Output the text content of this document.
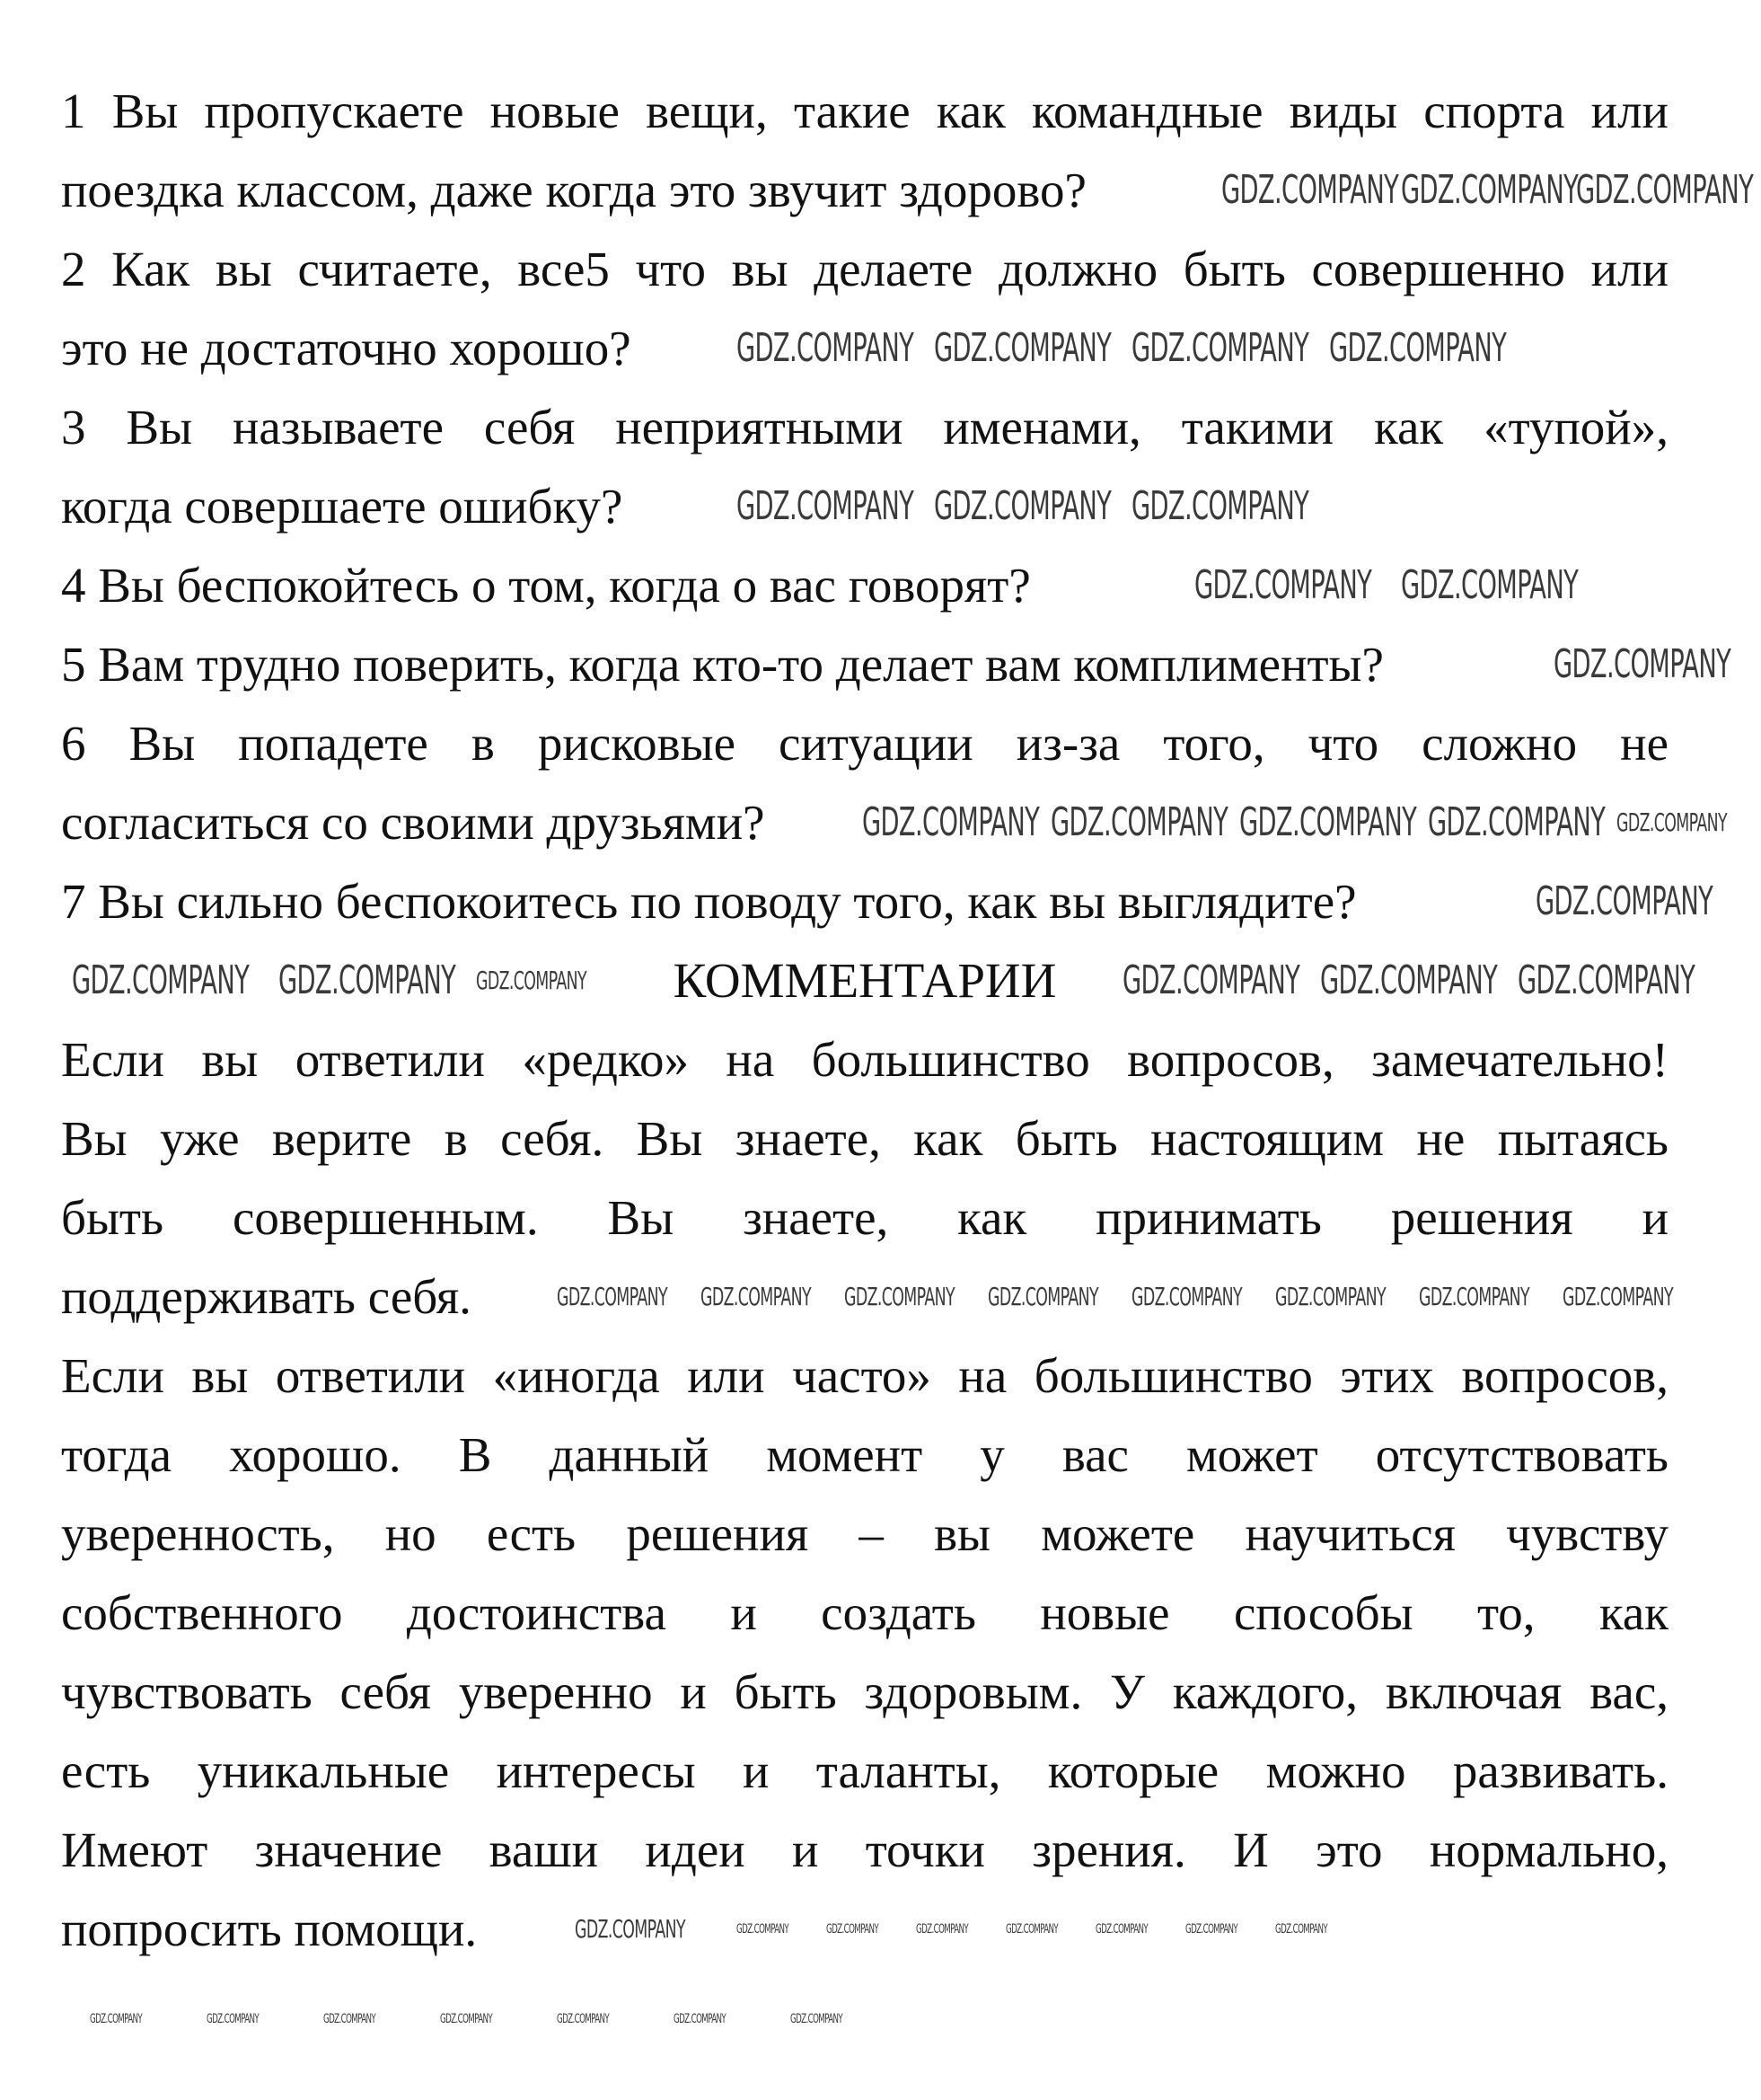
1 Вы пропускаете новые вещи, такие как командные виды спорта или
поездка классом, даже когда это звучит здорово?
2 Как вы считаете, все5 что вы делаете должно быть совершенно или
это не достаточно хорошо?
3 Вы называете себя неприятными именами, такими как «тупой»,
когда совершаете ошибку?
4 Вы беспокойтесь о том, когда о вас говорят?
5 Вам трудно поверить, когда кто-то делает вам комплименты?
6 Вы попадете в рисковые ситуации из-за того, что сложно не
согласиться со своими друзьями?
7 Вы сильно беспокоитесь по поводу того, как вы выглядите?
КОММЕНТАРИИ
Если вы ответили «редко» на большинство вопросов, замечательно!
Вы уже верите в себя. Вы знаете, как быть настоящим не пытаясь
быть совершенным. Вы знаете, как принимать решения и
поддерживать себя.
Если вы ответили «иногда или часто» на большинство этих вопросов,
тогда хорошо. В данный момент у вас может отсутствовать
уверенность, но есть решения – вы можете научиться чувству
собственного достоинства и создать новые способы то, как
чувствовать себя уверенно и быть здоровым. У каждого, включая вас,
есть уникальные интересы и таланты, которые можно развивать.
Имеют значение ваши идеи и точки зрения. И это нормально,
попросить помощи.
GDZ.COMPANY GDZ.COMPANY
GDZ.COMPANY
GDZ.COMPANY GDZ.COMPANY GDZ.COMPANY GDZ.COMPANY
GDZ.COMPANY GDZ.COMPANY GDZ.COMPANY
GDZ.COMPANY GDZ.COMPANY
GDZ.COMPANY
GDZ.COMPANY GDZ.COMPANY GDZ.COMPANY GDZ.COMPANY GDZ.COMPANY
GDZ.COMPANY
GDZ.COMPANY GDZ.COMPANY GDZ.COMPANY	GDZ.COMPANY GDZ.COMPANY GDZ.COMPANY
GDZ.COMPANY GDZ.COMPANY GDZ.COMPANY GDZ.COMPANY GDZ.COMPANY GDZ.COMPANY GDZ.COMPANY GDZ.COMPANY
GDZ.COMPANY	GDZ.COMPANY	GDZ.COMPANY	GDZ.COMPANY	GDZ.COMPANY	GDZ.COMPANY	GDZ.COMPANY	GDZ.COMPANY
GDZ.COMPANY	GDZ.COMPANY	GDZ.COMPANY	GDZ.COMPANY	GDZ.COMPANY	GDZ.COMPANY	GDZ.COMPANY
